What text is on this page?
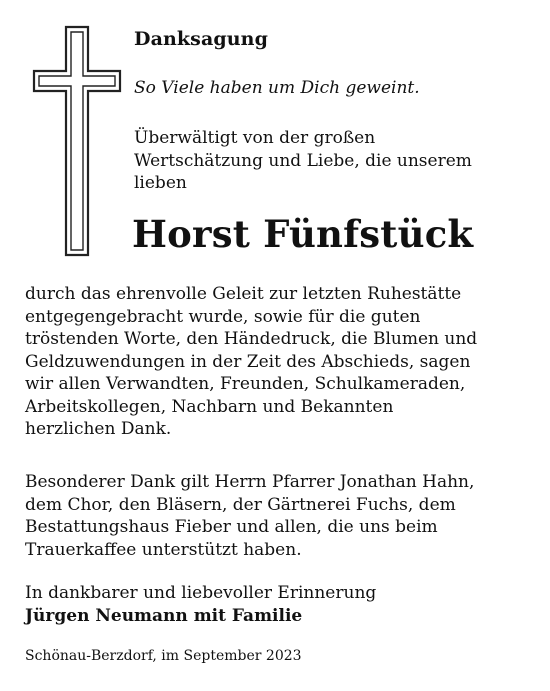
Danksagung
So Viele haben um Dich geweint.
Überwältigt von der großen
Wertschätzung und Liebe, die unserem
lieben
Horst Fünfstück
durch das ehrenvolle Geleit zur letzten Ruhestätte
entgegengebracht wurde, sowie für die guten
tröstenden Worte, den Händedruck, die Blumen und
Geldzuwendungen in der Zeit des Abschieds, sagen
wir allen Verwandten, Freunden, Schulkameraden,
Arbeitskollegen, Nachbarn und Bekannten
herzlichen Dank.
Besonderer Dank gilt Herrn Pfarrer Jonathan Hahn,
dem Chor, den Bläsern, der Gärtnerei Fuchs, dem
Bestattungshaus Fieber und allen, die uns beim
Trauerkaffee unterstützt haben.
In dankbarer und liebevoller Erinnerung
Jürgen Neumann mit Familie
Schönau-Berzdorf, im September 2023
